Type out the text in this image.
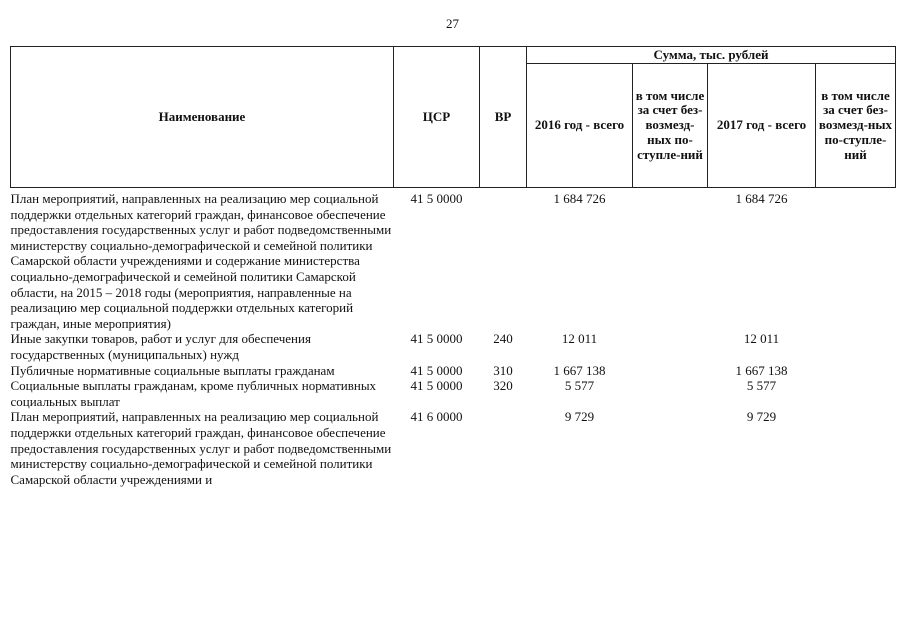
27
Наименование	ЦСР	ВР	Сумма, тыс. рублей			
			2016 год - всего	в том числе за счет без-возмезд-ных по-ступле-ний	2017 год - всего	в том числе за счет без-возмезд-ных по-ступле-ний
План мероприятий, направленных на реализацию мер социальной поддержки отдельных категорий граждан, финансовое обеспечение предоставления государственных услуг и работ подведомственными министерству социально-демографической и семейной политики Самарской области учреждениями и содержание министерства социально-демографической и семейной политики Самарской области, на 2015 – 2018 годы (мероприятия, направленные на реализацию мер социальной поддержки отдельных категорий граждан, иные мероприятия)	41 5 0000		1 684 726		1 684 726	
Иные закупки товаров, работ и услуг для обеспечения государственных (муниципальных) нужд	41 5 0000	240	12 011		12 011	
Публичные нормативные социальные выплаты гражданам	41 5 0000	310	1 667 138		1 667 138	
Социальные выплаты гражданам, кроме публичных нормативных социальных выплат	41 5 0000	320	5 577		5 577	
План мероприятий, направленных на реализацию мер социальной поддержки отдельных категорий граждан, финансовое обеспечение предоставления государственных услуг и работ подведомственными министерству социально-демографической и семейной политики Самарской области учреждениями и	41 6 0000		9 729		9 729	
